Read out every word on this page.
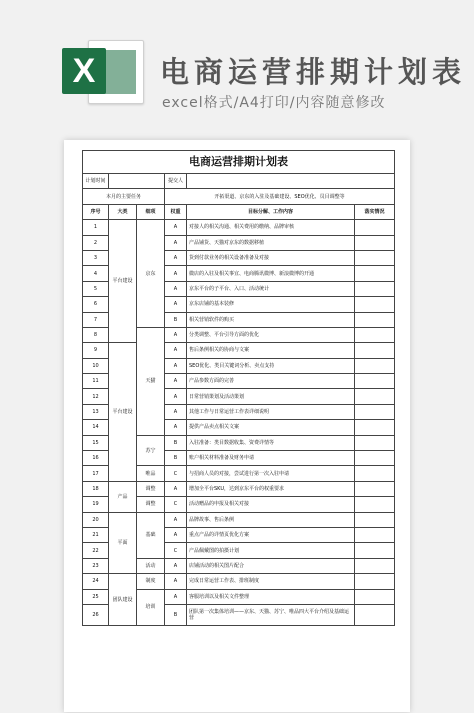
X	电商运营排期计划表
excel格式/A4打印/内容随意修改
电商运营排期计划表					
计划时间			提交人		
本月的主要任务			开拓渠道、京东的入驻及基础建设、SEO优化、员目调整等		
序号	大类	细项	权重	目标分解、工作内容	落实情况
1	平台建设	京东	A	对接人的相关沟通、相关费用的缴纳、品牌审核	
2			A	产品铺货、天猫对京东的数据移植	
3			A	货到付款业务的相关设备准备及对接	
4			A	微店的入驻及相关事宜、电商腾讯微博、新浪微博的开通	
5			A	京东平台的子平台、入口、活动统计	
6			A	京东店铺的基本装修	
7			B	相关营销软件的购买	
8		天猫	A	分类调整、平台引导方面的优化	
9	平台建设		A	售后条例相关的协商与文案	
10			A	SEO优化、类目关键词分析、卖点支持	
11			A	产品参数方面的完善	
12			A	日常营销策划及活动策划	
13			A	其他工作与日常运营工作表详细说明	
14			A	提供产品卖点相关文案	
15		苏宁	B	入驻准备：类目数据收集、资费详情等	
16			B	账户相关材料准备及财务申请	
17		唯品	C	与招商人员的对接，尝试进行第一次入驻申请	
18	产品	调整	A	增加全平台SKU，达到京东平台的权重要求	
19		调整	C	活动赠品的申报及相关对接	
20	平面	基础	A	品牌故事、售后条例	
21			A	重点产品的详情页优化方案	
22			C	产品佩戴图的拍摄计划	
23		活动	A	店铺活动的相关图片配合	
24	团队建设	制度	A	完成日常运营工作表、排班制度	
25		培训	A	客服培训以及相关文件整理	
26			B	团队第一次集体培训——京东、天猫、苏宁、唯品四大平台介绍及基础运营	
